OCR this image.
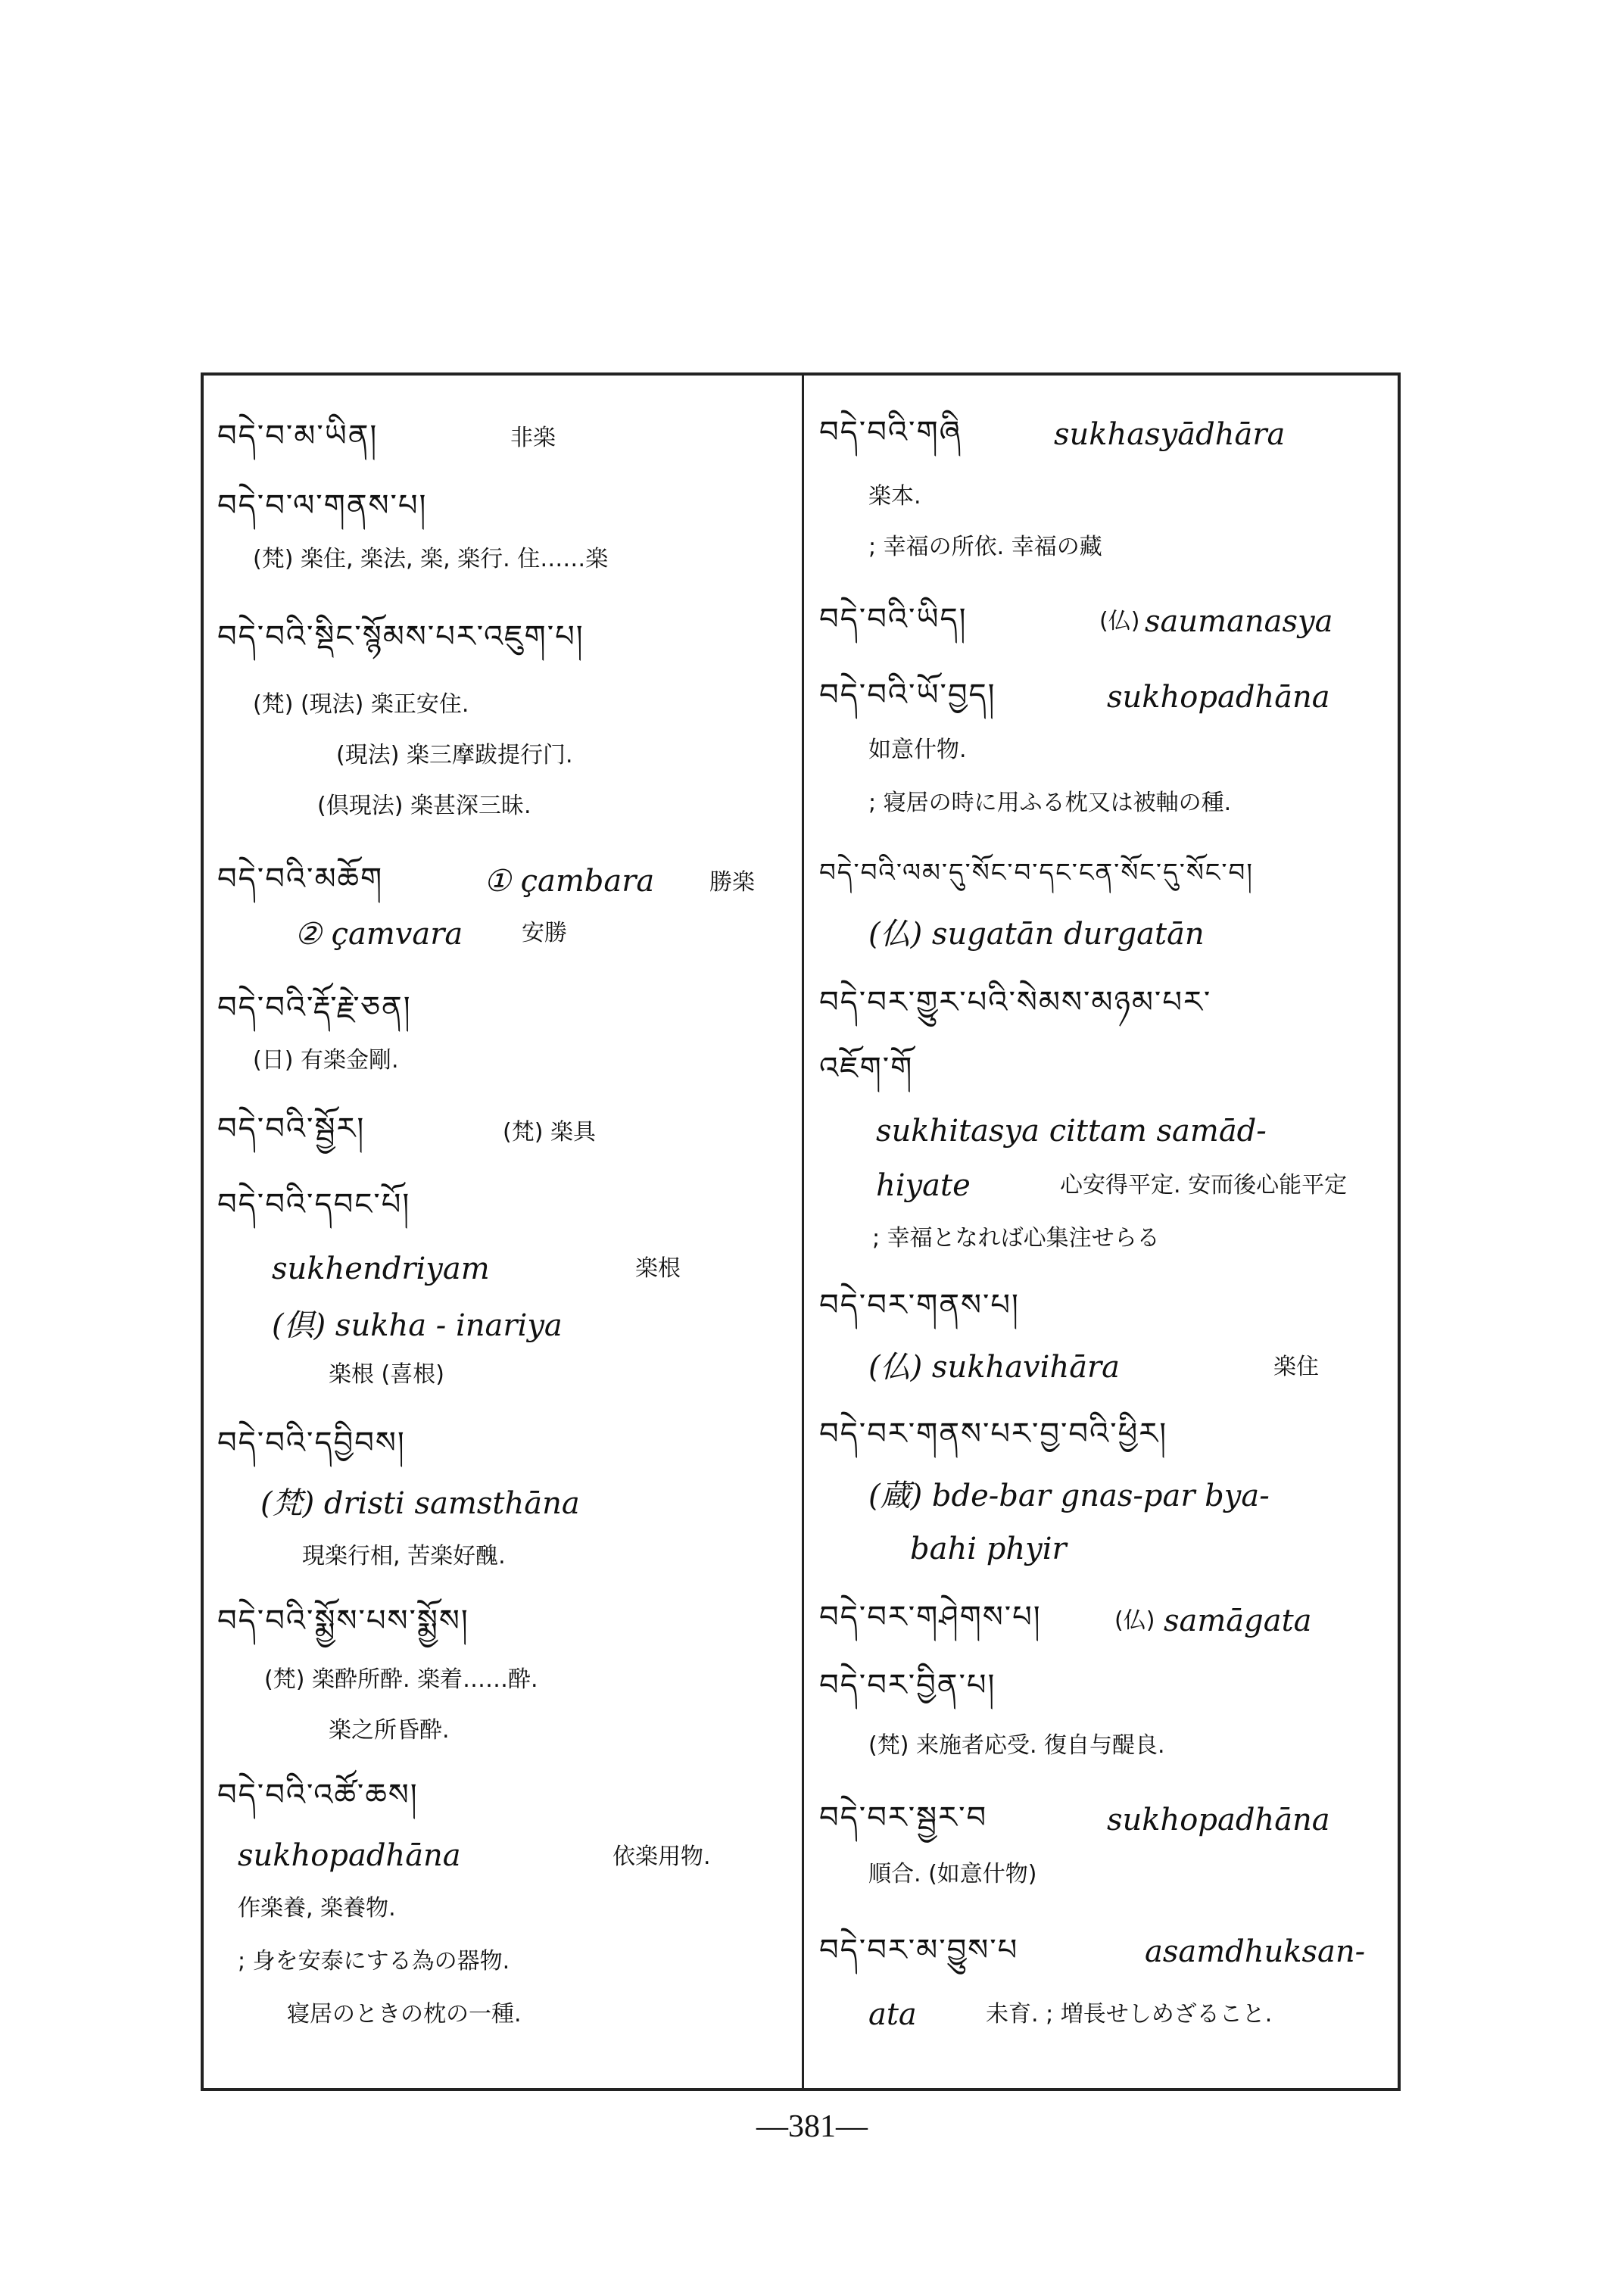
བདེ་བ་མ་ཡིན།	非楽
བདེ་བ་ལ་གནས་པ།
(梵) 楽住, 楽法, 楽, 楽行. 住……楽
བདེ་བའི་སྡིང་སྙོམས་པར་འཇུག་པ།
(梵) (現法) 楽正安住.
(現法) 楽三摩跋提行门.
(倶現法) 楽甚深三昧.
བདེ་བའི་མཆོག	① çambara 勝楽
② çamvara	安勝
བདེ་བའི་རྡོ་རྗེ་ཅན།
(日) 有楽金剛.
བདེ་བའི་སྦྱོར།	(梵) 楽具
བདེ་བའི་དབང་པོ།
sukhendriyam	楽根
(倶) sukha - inariya
楽根 (喜根)
བདེ་བའི་དབྱིབས།
(梵) dristi samsthāna
現楽行相, 苦楽好醜.
བདེ་བའི་སྨྱོས་པས་སྨྱོས།
(梵) 楽酔所酔. 楽着……酔.
楽之所昏酔.
བདེ་བའི་འཚོ་ཆས།
sukhopadhāna	依楽用物.
作楽養, 楽養物.
; 身を安泰にする為の器物.
寝居のときの枕の一種.
བདེ་བའི་གཞི	sukhasyādhāra
楽本.
; 幸福の所依. 幸福の藏
བདེ་བའི་ཡིད།	(仏) saumanasya
བདེ་བའི་ཡོ་བྱད།	sukhopadhāna
如意什物.
; 寝居の時に用ふる枕又は被軸の種.
བདེ་བའི་ལམ་དུ་སོང་བ་དང་ངན་སོང་དུ་སོང་བ།
(仏) sugatān durgatān
བདེ་བར་གྱུར་པའི་སེམས་མཉམ་པར་
འཇོག་གོ
sukhitasya cittam samād-
hiyate	心安得平定. 安而後心能平定
; 幸福となれば心集注せらる
བདེ་བར་གནས་པ།
(仏) sukhavihāra	楽住
བདེ་བར་གནས་པར་བྱ་བའི་ཕྱིར།
(蔵) bde-bar gnas-par bya-
bahi phyir
བདེ་བར་གཤེགས་པ།	(仏) samāgata
བདེ་བར་བྱིན་པ།
(梵) 来施者応受. 復自与醍良.
བདེ་བར་སྦྱར་བ	sukhopadhāna
順合. (如意什物)
བདེ་བར་མ་བྱུས་པ	asamdhuksan-
ata	未育. ; 増長せしめざること.
—381—
